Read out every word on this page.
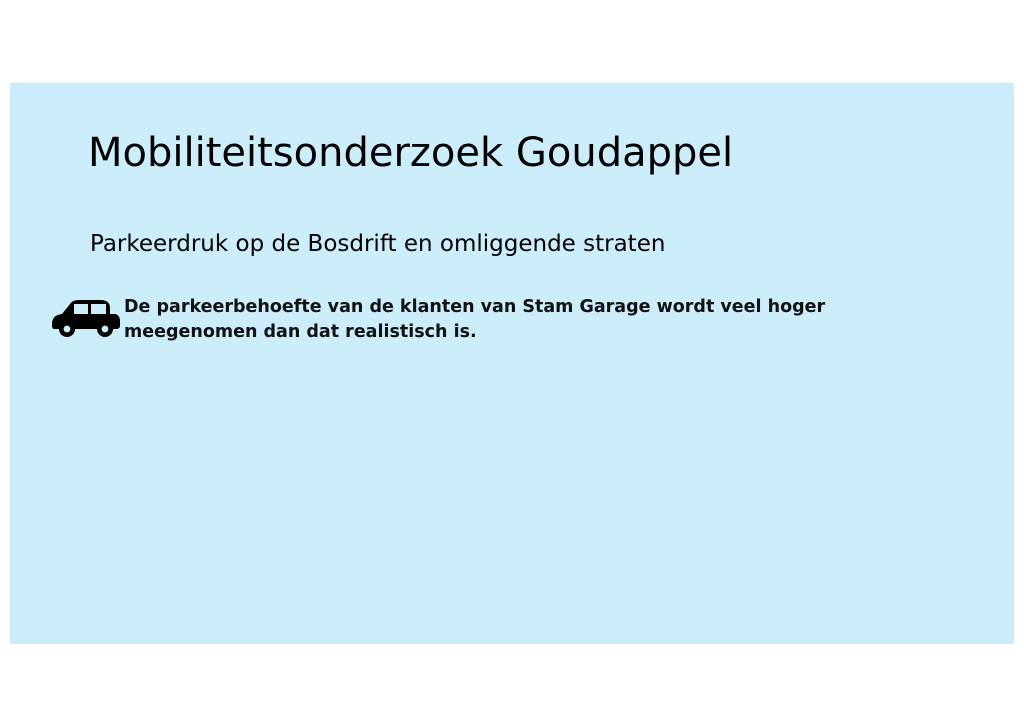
Mobiliteitsonderzoek Goudappel
Parkeerdruk op de Bosdrift en omliggende straten
De parkeerbehoefte van de klanten van Stam Garage wordt veel hoger meegenomen dan dat realistisch is.
